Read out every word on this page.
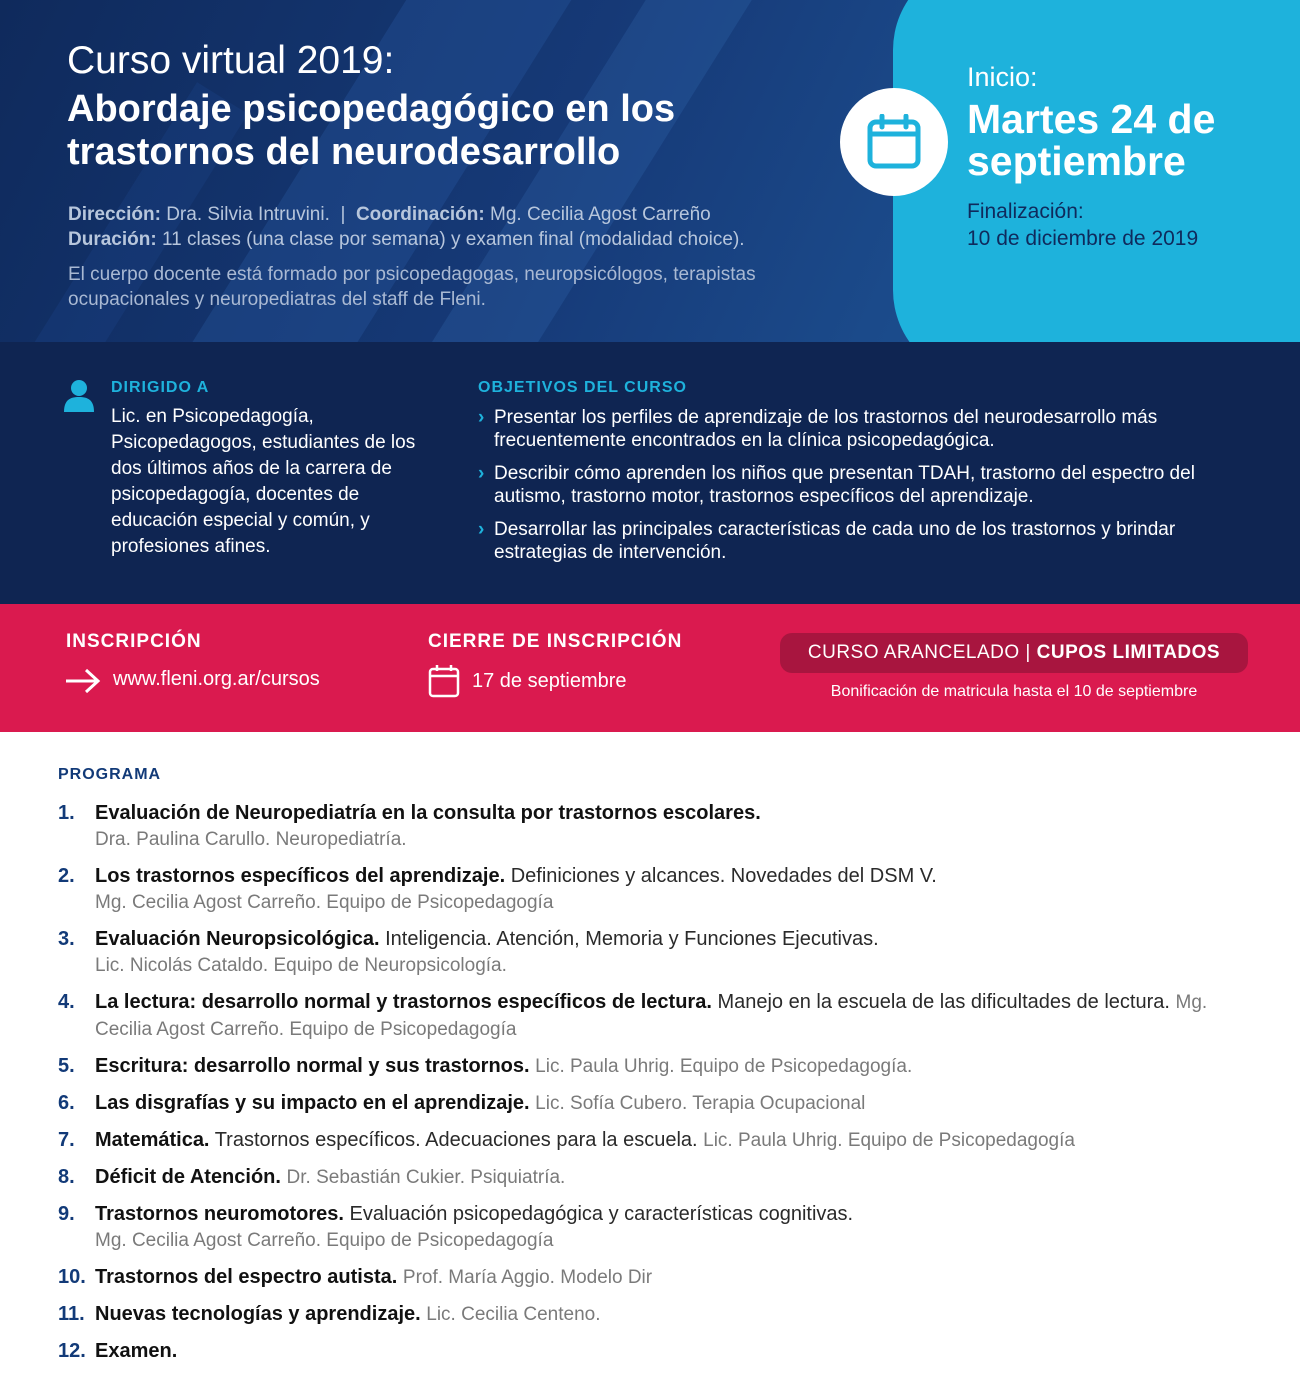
Curso virtual 2019:
Abordaje psicopedagógico en los trastornos del neurodesarrollo
Dirección: Dra. Silvia Intruvini. | Coordinación: Mg. Cecilia Agost Carreño
Duración: 11 clases (una clase por semana) y examen final (modalidad choice).

El cuerpo docente está formado por psicopedagogas, neuropsicólogos, terapistas ocupacionales y neuropediatras del staff de Fleni.

Inicio:
Martes 24 de septiembre
Finalización:
10 de diciembre de 2019
DIRIGIDO A

Lic. en Psicopedagogía, Psicopedagogos, estudiantes de los dos últimos años de la carrera de psicopedagogía, docentes de educación especial y común, y profesiones afines.

OBJETIVOS DEL CURSO
› Presentar los perfiles de aprendizaje de los trastornos del neurodesarrollo más frecuentemente encontrados en la clínica psicopedagógica.
› Describir cómo aprenden los niños que presentan TDAH, trastorno del espectro del autismo, trastorno motor, trastornos específicos del aprendizaje.
› Desarrollar las principales características de cada uno de los trastornos y brindar estrategias de intervención.
INSCRIPCIÓN
www.fleni.org.ar/cursos
CIERRE DE INSCRIPCIÓN
17 de septiembre
CURSO ARANCELADO |
CUPOS LIMITADOS
Bonificación de matricula hasta el 10 de septiembre
PROGRAMA
1. Evaluación de Neuropediatría en la consulta por trastornos escolares.
Dra. Paulina Carullo. Neuropediatría.
2. Los trastornos específicos del aprendizaje. Definiciones y alcances. Novedades del DSM V.
Mg. Cecilia Agost Carreño. Equipo de Psicopedagogía
3. Evaluación Neuropsicológica. Inteligencia. Atención, Memoria y Funciones Ejecutivas.
Lic. Nicolás Cataldo. Equipo de Neuropsicología.
4. La lectura: desarrollo normal y trastornos específicos de lectura. Manejo en la escuela de las dificultades de lectura. Mg. Cecilia Agost Carreño. Equipo de Psicopedagogía
5. Escritura: desarrollo normal y sus trastornos. Lic. Paula Uhrig. Equipo de Psicopedagogía.
6. Las disgrafías y su impacto en el aprendizaje. Lic. Sofía Cubero. Terapia Ocupacional
7. Matemática. Trastornos específicos. Adecuaciones para la escuela. Lic. Paula Uhrig. Equipo de Psicopedagogía
8. Déficit de Atención. Dr. Sebastián Cukier. Psiquiatría.
9. Trastornos neuromotores. Evaluación psicopedagógica y características cognitivas.
Mg. Cecilia Agost Carreño. Equipo de Psicopedagogía
10. Trastornos del espectro autista. Prof. María Aggio. Modelo Dir
11. Nuevas tecnologías y aprendizaje. Lic. Cecilia Centeno.
12. Examen.
